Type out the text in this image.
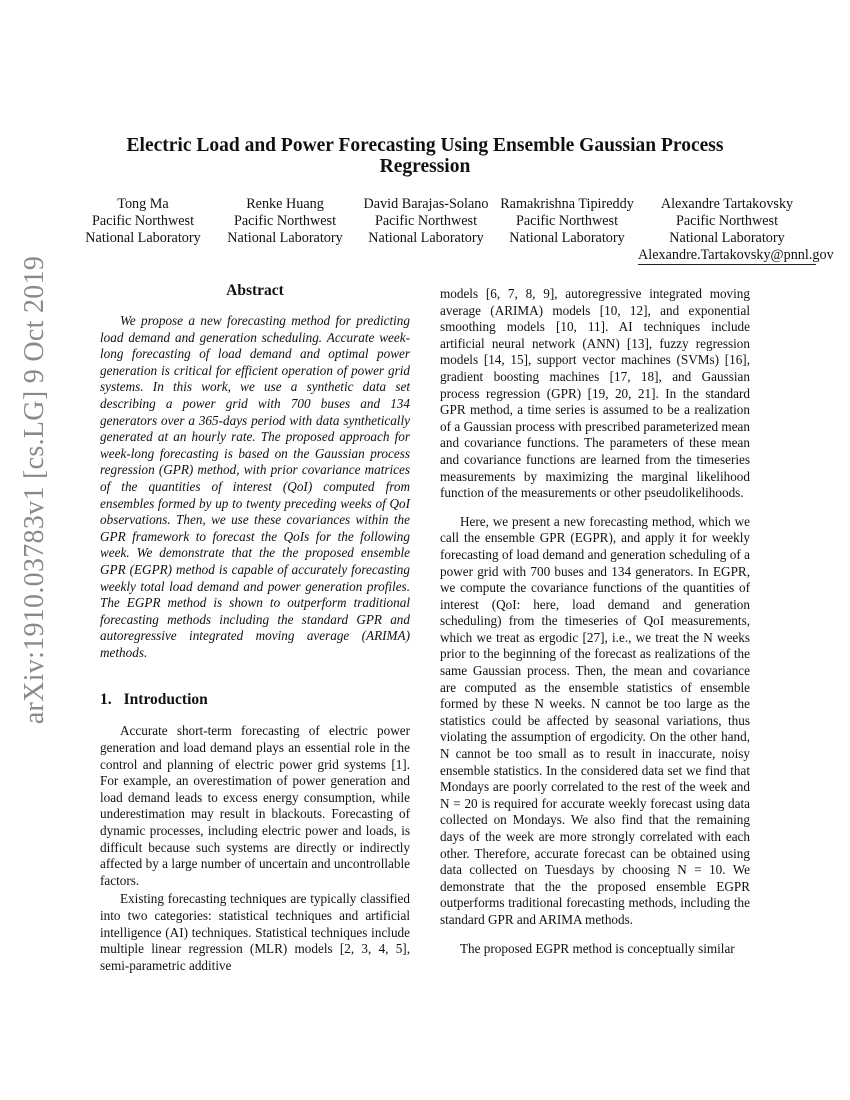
arXiv:1910.03783v1 [cs.LG] 9 Oct 2019
Electric Load and Power Forecasting Using Ensemble Gaussian Process Regression
Tong Ma
Pacific Northwest
National Laboratory
Renke Huang
Pacific Northwest
National Laboratory
David Barajas-Solano
Pacific Northwest
National Laboratory
Ramakrishna Tipireddy
Pacific Northwest
National Laboratory
Alexandre Tartakovsky
Pacific Northwest
National Laboratory
Alexandre.Tartakovsky@pnnl.gov
Abstract

We propose a new forecasting method for predicting load demand and generation scheduling. Accurate week-long forecasting of load demand and optimal power generation is critical for efficient operation of power grid systems. In this work, we use a synthetic data set describing a power grid with 700 buses and 134 generators over a 365-days period with data synthetically generated at an hourly rate. The proposed approach for week-long forecasting is based on the Gaussian process regression (GPR) method, with prior covariance matrices of the quantities of interest (QoI) computed from ensembles formed by up to twenty preceding weeks of QoI observations. Then, we use these covariances within the GPR framework to forecast the QoIs for the following week. We demonstrate that the the proposed ensemble GPR (EGPR) method is capable of accurately forecasting weekly total load demand and power generation profiles. The EGPR method is shown to outperform traditional forecasting methods including the standard GPR and autoregressive integrated moving average (ARIMA) methods.

1. Introduction

Accurate short-term forecasting of electric power generation and load demand plays an essential role in the control and planning of electric power grid systems [1]. For example, an overestimation of power generation and load demand leads to excess energy consumption, while underestimation may result in blackouts. Forecasting of dynamic processes, including electric power and loads, is difficult because such systems are directly or indirectly affected by a large number of uncertain and uncontrollable factors.

Existing forecasting techniques are typically classified into two categories: statistical techniques and artificial intelligence (AI) techniques. Statistical techniques include multiple linear regression (MLR) models [2, 3, 4, 5], semi-parametric additive

models [6, 7, 8, 9], autoregressive integrated moving average (ARIMA) models [10, 12], and exponential smoothing models [10, 11]. AI techniques include artificial neural network (ANN) [13], fuzzy regression models [14, 15], support vector machines (SVMs) [16], gradient boosting machines [17, 18], and Gaussian process regression (GPR) [19, 20, 21]. In the standard GPR method, a time series is assumed to be a realization of a Gaussian process with prescribed parameterized mean and covariance functions. The parameters of these mean and covariance functions are learned from the timeseries measurements by maximizing the marginal likelihood function of the measurements or other pseudolikelihoods.

Here, we present a new forecasting method, which we call the ensemble GPR (EGPR), and apply it for weekly forecasting of load demand and generation scheduling of a power grid with 700 buses and 134 generators. In EGPR, we compute the covariance functions of the quantities of interest (QoI: here, load demand and generation scheduling) from the timeseries of QoI measurements, which we treat as ergodic [27], i.e., we treat the N weeks prior to the beginning of the forecast as realizations of the same Gaussian process. Then, the mean and covariance are computed as the ensemble statistics of ensemble formed by these N weeks. N cannot be too large as the statistics could be affected by seasonal variations, thus violating the assumption of ergodicity. On the other hand, N cannot be too small as to result in inaccurate, noisy ensemble statistics. In the considered data set we find that Mondays are poorly correlated to the rest of the week and N = 20 is required for accurate weekly forecast using data collected on Mondays. We also find that the remaining days of the week are more strongly correlated with each other. Therefore, accurate forecast can be obtained using data collected on Tuesdays by choosing N = 10. We demonstrate that the the proposed ensemble EGPR outperforms traditional forecasting methods, including the standard GPR and ARIMA methods.

The proposed EGPR method is conceptually similar
